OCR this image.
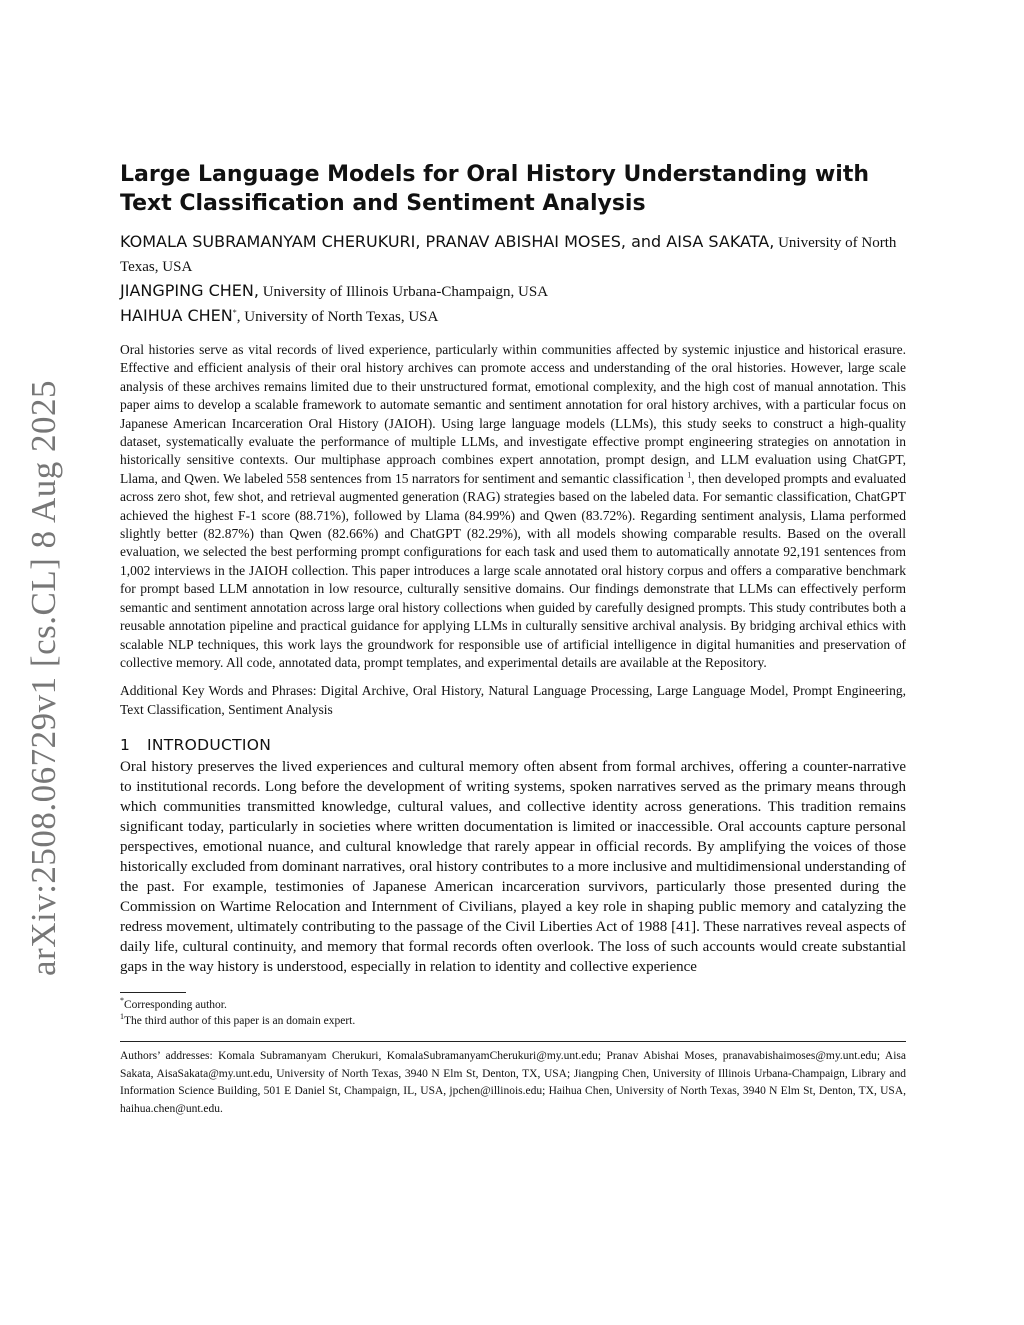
arXiv:2508.06729v1 [cs.CL] 8 Aug 2025
Large Language Models for Oral History Understanding with Text Classification and Sentiment Analysis

KOMALA SUBRAMANYAM CHERUKURI, PRANAV ABISHAI MOSES, and AISA SAKATA, University of North Texas, USA

JIANGPING CHEN, University of Illinois Urbana-Champaign, USA

HAIHUA CHEN*, University of North Texas, USA

Oral histories serve as vital records of lived experience, particularly within communities affected by systemic injustice and historical erasure. Effective and efficient analysis of their oral history archives can promote access and understanding of the oral histories. However, large scale analysis of these archives remains limited due to their unstructured format, emotional complexity, and the high cost of manual annotation. This paper aims to develop a scalable framework to automate semantic and sentiment annotation for oral history archives, with a particular focus on Japanese American Incarceration Oral History (JAIOH). Using large language models (LLMs), this study seeks to construct a high-quality dataset, systematically evaluate the performance of multiple LLMs, and investigate effective prompt engineering strategies on annotation in historically sensitive contexts. Our multiphase approach combines expert annotation, prompt design, and LLM evaluation using ChatGPT, Llama, and Qwen. We labeled 558 sentences from 15 narrators for sentiment and semantic classification $^1$, then developed prompts and evaluated across zero shot, few shot, and retrieval augmented generation (RAG) strategies based on the labeled data. For semantic classification, ChatGPT achieved the highest F-1 score (88.71%), followed by Llama (84.99%) and Qwen (83.72%). Regarding sentiment analysis, Llama performed slightly better (82.87%) than Qwen (82.66%) and ChatGPT (82.29%), with all models showing comparable results. Based on the overall evaluation, we selected the best performing prompt configurations for each task and used them to automatically annotate 92,191 sentences from 1,002 interviews in the JAIOH collection. This paper introduces a large scale annotated oral history corpus and offers a comparative benchmark for prompt based LLM annotation in low resource, culturally sensitive domains. Our findings demonstrate that LLMs can effectively perform semantic and sentiment annotation across large oral history collections when guided by carefully designed prompts. This study contributes both a reusable annotation pipeline and practical guidance for applying LLMs in culturally sensitive archival analysis. By bridging archival ethics with scalable NLP techniques, this work lays the groundwork for responsible use of artificial intelligence in digital humanities and preservation of collective memory. All code, annotated data, prompt templates, and experimental details are available at the Repository.

Additional Key Words and Phrases: Digital Archive, Oral History, Natural Language Processing, Large Language Model, Prompt Engineering, Text Classification, Sentiment Analysis

1 INTRODUCTION

Oral history preserves the lived experiences and cultural memory often absent from formal archives, offering a counter-narrative to institutional records. Long before the development of writing systems, spoken narratives served as the primary means through which communities transmitted knowledge, cultural values, and collective identity across generations. This tradition remains significant today, particularly in societies where written documentation is limited or inaccessible. Oral accounts capture personal perspectives, emotional nuance, and cultural knowledge that rarely appear in official records. By amplifying the voices of those historically excluded from dominant narratives, oral history contributes to a more inclusive and multidimensional understanding of the past. For example, testimonies of Japanese American incarceration survivors, particularly those presented during the Commission on Wartime Relocation and Internment of Civilians, played a key role in shaping public memory and catalyzing the redress movement, ultimately contributing to the passage of the Civil Liberties Act of 1988 [41]. These narratives reveal aspects of daily life, cultural continuity, and memory that formal records often overlook. The loss of such accounts would create substantial gaps in the way history is understood, especially in relation to identity and collective experience

*Corresponding author.

$^1$The third author of this paper is an domain expert.

Authors’ addresses: Komala Subramanyam Cherukuri, KomalaSubramanyamCherukuri@my.unt.edu; Pranav Abishai Moses, pranavabishaimoses@my.unt.edu; Aisa Sakata, AisaSakata@my.unt.edu, University of North Texas, 3940 N Elm St, Denton, TX, USA; Jiangping Chen, University of Illinois Urbana-Champaign, Library and Information Science Building, 501 E Daniel St, Champaign, IL, USA, jpchen@illinois.edu; Haihua Chen, University of North Texas, 3940 N Elm St, Denton, TX, USA, haihua.chen@unt.edu.
